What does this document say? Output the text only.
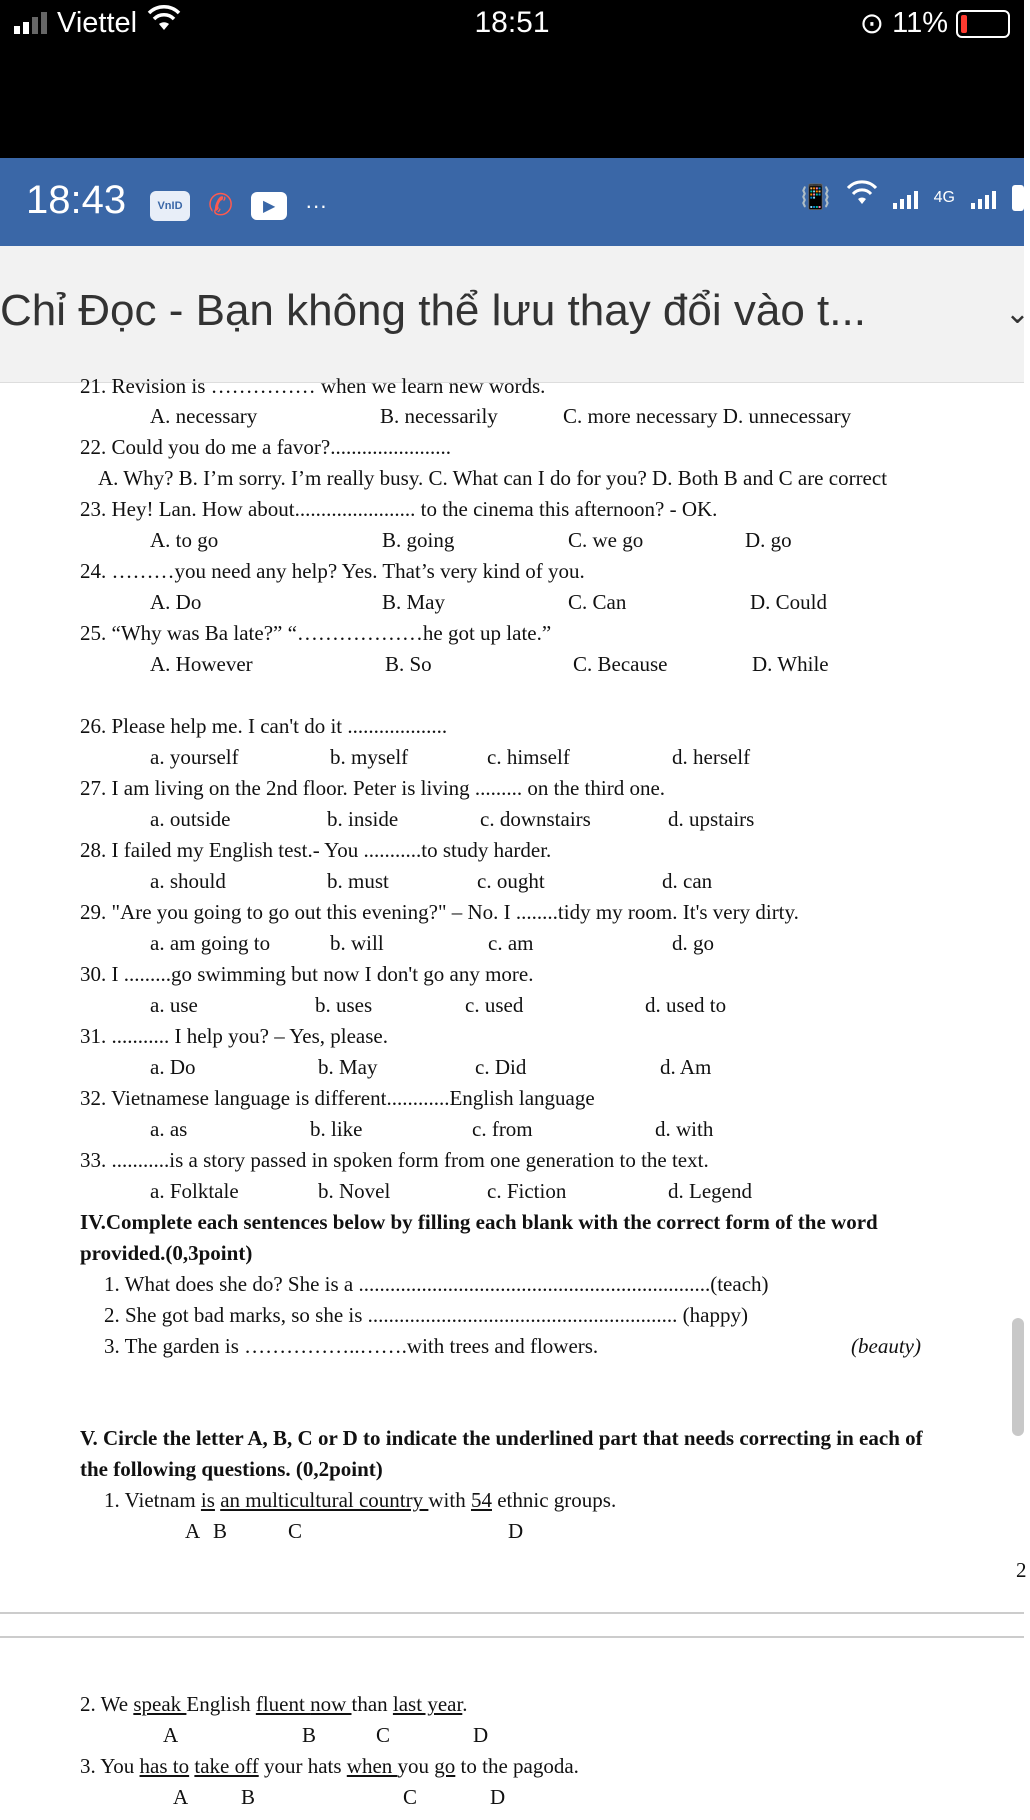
Viettel	18:51	⊙ 11%
18:43	VnID ✆	▶	···	📳	4G
Chỉ Đọc - Bạn không thể lưu thay đổi vào t...	⌄
21. Revision is …………… when we learn new words.
A. necessary	B. necessarily	C. more necessary D. unnecessary
22. Could you do me a favor?.......................
A. Why? B. I’m sorry. I’m really busy. C. What can I do for you? D. Both B and C are correct
23. Hey! Lan. How about....................... to the cinema this afternoon? - OK.
A. to go	B. going	C. we go	D. go
24. ………you need any help? Yes. That’s very kind of you.
A. Do	B. May	C. Can	D. Could
25. “Why was Ba late?” “………………he got up late.”
A. However	B. So	C. Because	D. While
26. Please help me. I can't do it ...................
a. yourself	b. myself	c. himself	d. herself
27. I am living on the 2nd floor. Peter is living ......... on the third one.
a. outside	b. inside	c. downstairs	d. upstairs
28. I failed my English test.- You ...........to study harder.
a. should	b. must	c. ought	d. can
29. "Are you going to go out this evening?" – No. I ........tidy my room. It's very dirty.
a. am going to	b. will	c. am	d. go
30. I .........go swimming but now I don't go any more.
a. use	b. uses	c. used	d. used to
31. ........... I help you? – Yes, please.
a. Do	b. May	c. Did	d. Am
32. Vietnamese language is different............English language
a. as	b. like	c. from	d. with
33. ...........is a story passed in spoken form from one generation to the text.
a. Folktale	b. Novel	c. Fiction	d. Legend
IV.Complete each sentences below by filling each blank with the correct form of the word
provided.(0,3point)
1. What does she do? She is a ...................................................................(teach)
2. She got bad marks, so she is ........................................................... (happy)
3. The garden is ……………..…….with trees and flowers.	(beauty)
V. Circle the letter A, B, C or D to indicate the underlined part that needs correcting in each of
the following questions. (0,2point)
1. Vietnam is an multicultural country with 54 ethnic groups.
A B	C	D
2
2. We speak English fluent now than last year.
A	B	C	D
3. You has to take off your hats when you go to the pagoda.
A	B	C	D
